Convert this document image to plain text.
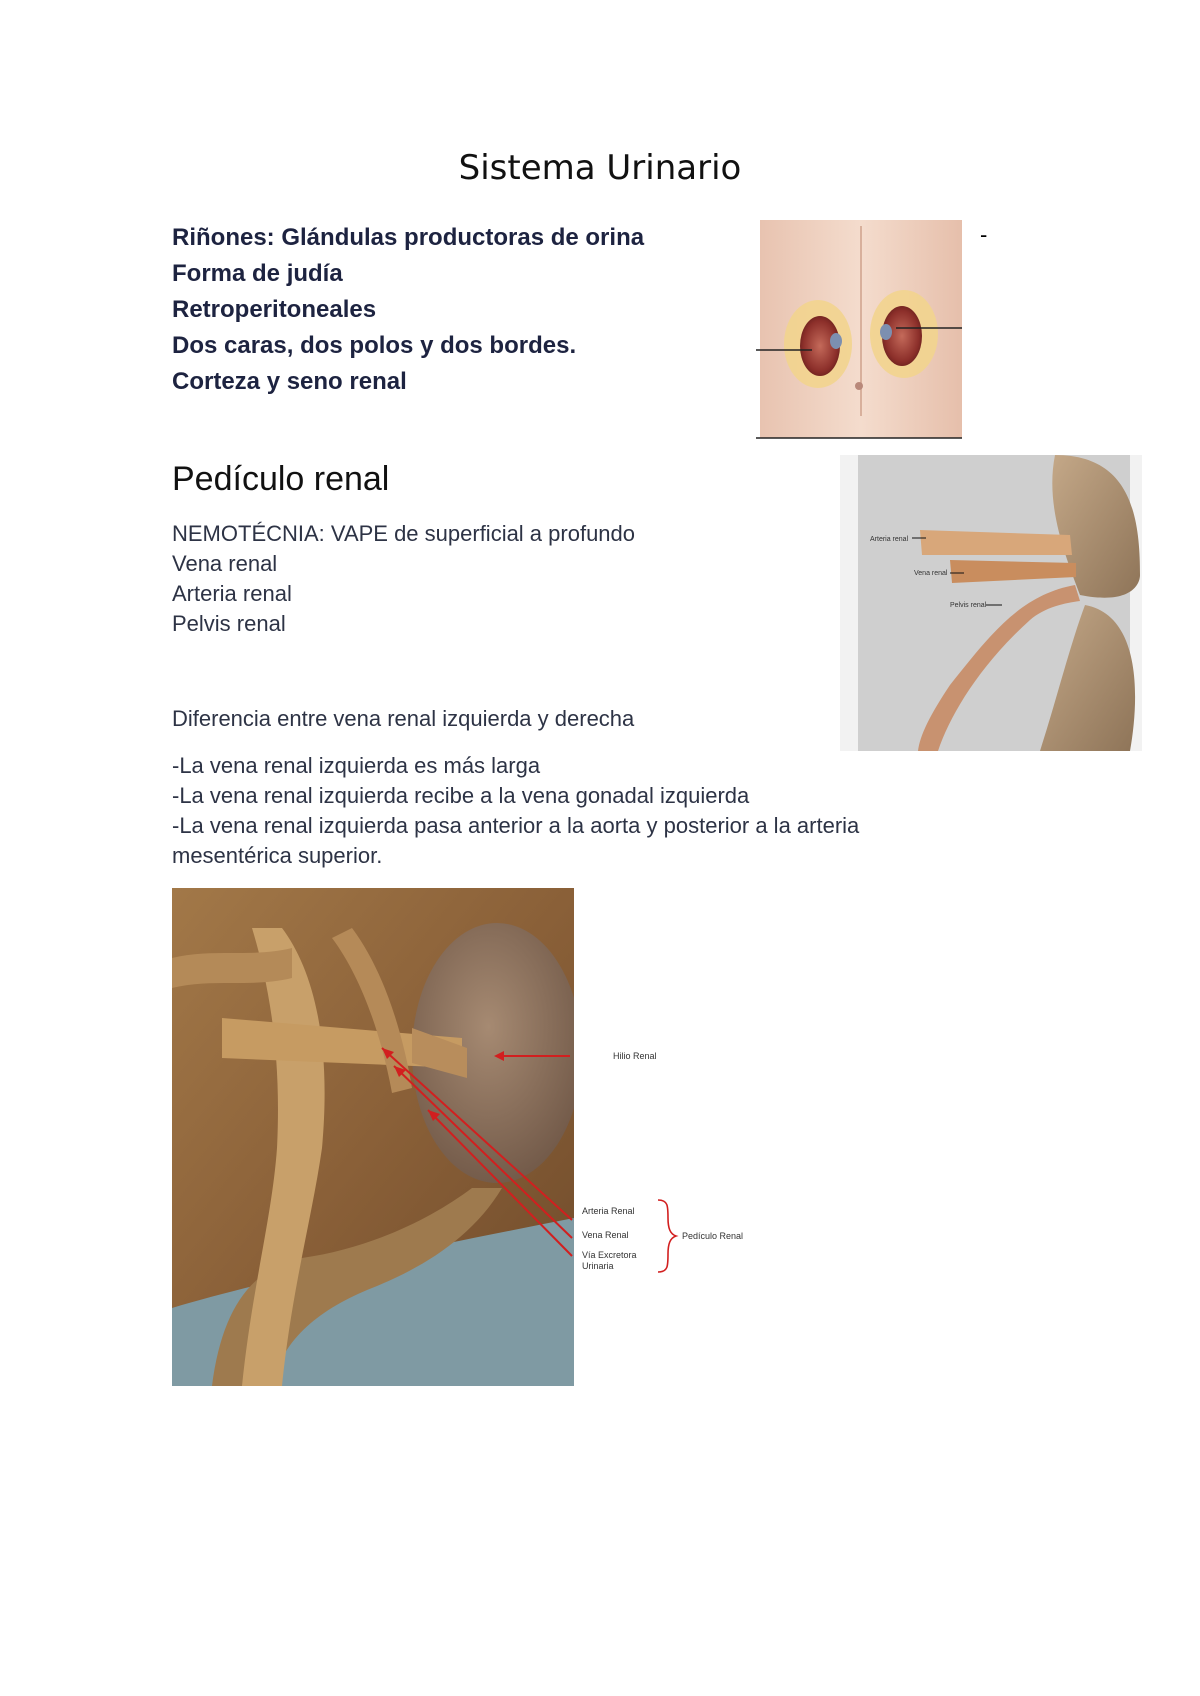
Sistema Urinario
Riñones: Glándulas productoras de orina
Forma de judía
Retroperitoneales
Dos caras, dos polos y dos bordes.
Corteza y seno renal
-
Pedículo renal
NEMOTÉCNIA: VAPE de superficial a profundo
Vena renal
Arteria renal
Pelvis renal
Arteria renal
Vena renal
Pelvis renal
Diferencia entre vena renal izquierda y derecha
-La vena renal izquierda es más larga
-La vena renal izquierda recibe a la vena gonadal izquierda
-La vena renal izquierda pasa anterior a la aorta y posterior a la arteria mesentérica superior.
Hilio Renal
Arteria Renal
Vena Renal
Vía Excretora
Urinaria
Pedículo Renal
